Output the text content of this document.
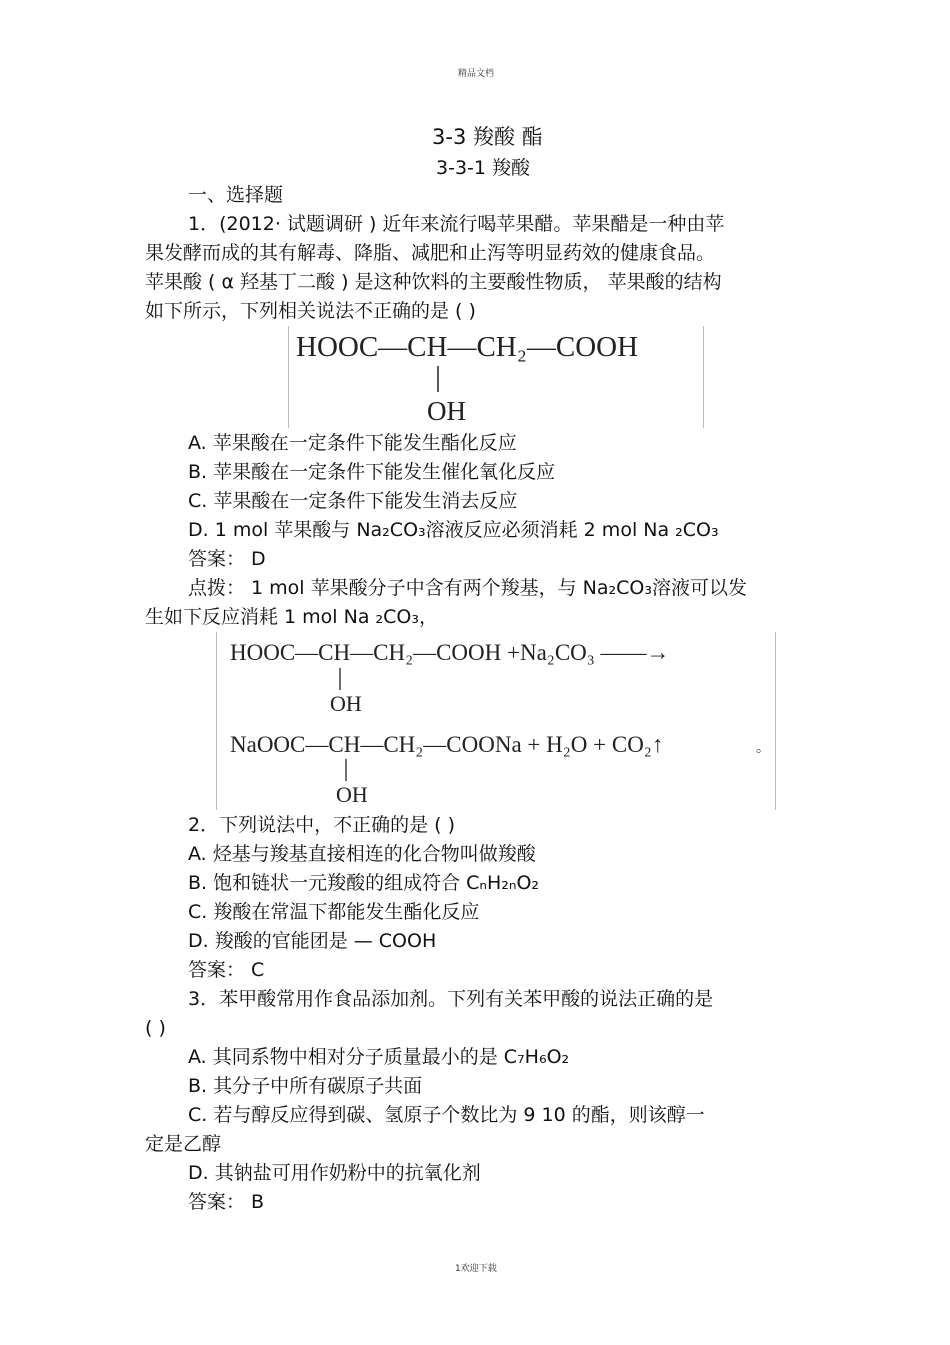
精品文档
3-3 羧酸 酯
3-3-1 羧酸
一、选择题
1．(2012· 试题调研 ) 近年来流行喝苹果醋。苹果醋是一种由苹
果发酵而成的其有解毒、降脂、减肥和止泻等明显药效的健康食品。
苹果酸 ( α 羟基丁二酸 ) 是这种饮料的主要酸性物质， 苹果酸的结构
如下所示，下列相关说法不正确的是 ( )
HOOC—CH—CH₂—COOH
OH
A. 苹果酸在一定条件下能发生酯化反应
B. 苹果酸在一定条件下能发生催化氧化反应
C. 苹果酸在一定条件下能发生消去反应
D. 1 mol 苹果酸与 Na₂CO₃溶液反应必须消耗 2 mol Na ₂CO₃
答案： D
点拨： 1 mol 苹果酸分子中含有两个羧基，与 Na₂CO₃溶液可以发
生如下反应消耗 1 mol Na ₂CO₃，
HOOC—CH—CH₂—COOH +Na₂CO₃ ——→
OH
NaOOC—CH—CH₂—COONa + H₂O + CO₂↑	。
OH
2．下列说法中，不正确的是 ( )
A. 烃基与羧基直接相连的化合物叫做羧酸
B. 饱和链状一元羧酸的组成符合 CₙH₂ₙO₂
C. 羧酸在常温下都能发生酯化反应
D. 羧酸的官能团是 — COOH
答案： C
3．苯甲酸常用作食品添加剂。下列有关苯甲酸的说法正确的是
( )
A. 其同系物中相对分子质量最小的是 C₇H₆O₂
B. 其分子中所有碳原子共面
C. 若与醇反应得到碳、氢原子个数比为 9 10 的酯，则该醇一
定是乙醇
D. 其钠盐可用作奶粉中的抗氧化剂
答案： B
1欢迎下载
